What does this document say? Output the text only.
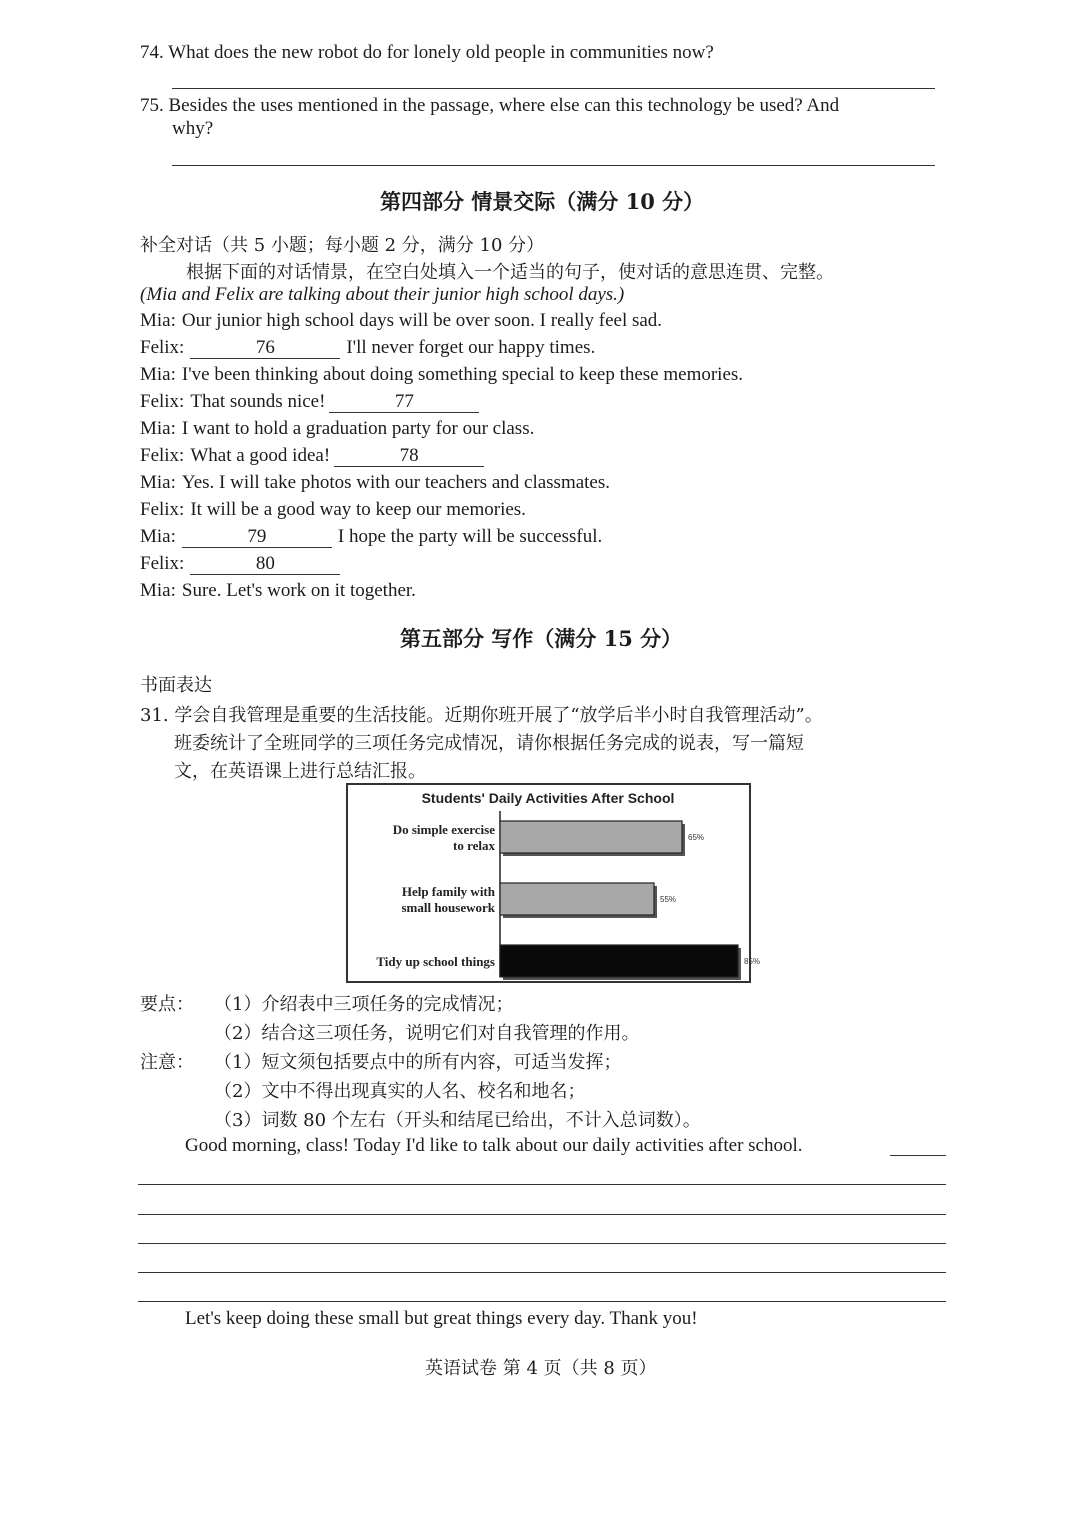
74. What does the new robot do for lonely old people in communities now?
75. Besides the uses mentioned in the passage, where else can this technology be used? And
why?
第四部分 情景交际（满分 10 分）
补全对话（共 5 小题；每小题 2 分，满分 10 分）
根据下面的对话情景，在空白处填入一个适当的句子，使对话的意思连贯、完整。
(Mia and Felix are talking about their junior high school days.)
Mia: Our junior high school days will be over soon. I really feel sad.
Felix:	76	I'll never forget our happy times.
Mia: I've been thinking about doing something special to keep these memories.
Felix: That sounds nice!	77
Mia: I want to hold a graduation party for our class.
Felix: What a good idea!	78
Mia: Yes. I will take photos with our teachers and classmates.
Felix: It will be a good way to keep our memories.
Mia:	79	I hope the party will be successful.
Felix:	80
Mia: Sure. Let's work on it together.
第五部分 写作（满分 15 分）
书面表达
31. 学会自我管理是重要的生活技能。近期你班开展了“放学后半小时自我管理活动”。
班委统计了全班同学的三项任务完成情况，请你根据任务完成的说表，写一篇短
文，在英语课上进行总结汇报。
Students' Daily Activities After School
65%
Do simple exercise
to relax
55%
Help family with
small housework
85%
Tidy up school things
要点： （1）介绍表中三项任务的完成情况；
（2）结合这三项任务，说明它们对自我管理的作用。
注意： （1）短文须包括要点中的所有内容，可适当发挥；
（2）文中不得出现真实的人名、校名和地名；
（3）词数 80 个左右（开头和结尾已给出，不计入总词数）。
Good morning, class! Today I'd like to talk about our daily activities after school.
Let's keep doing these small but great things every day. Thank you!
英语试卷 第 4 页（共 8 页）
